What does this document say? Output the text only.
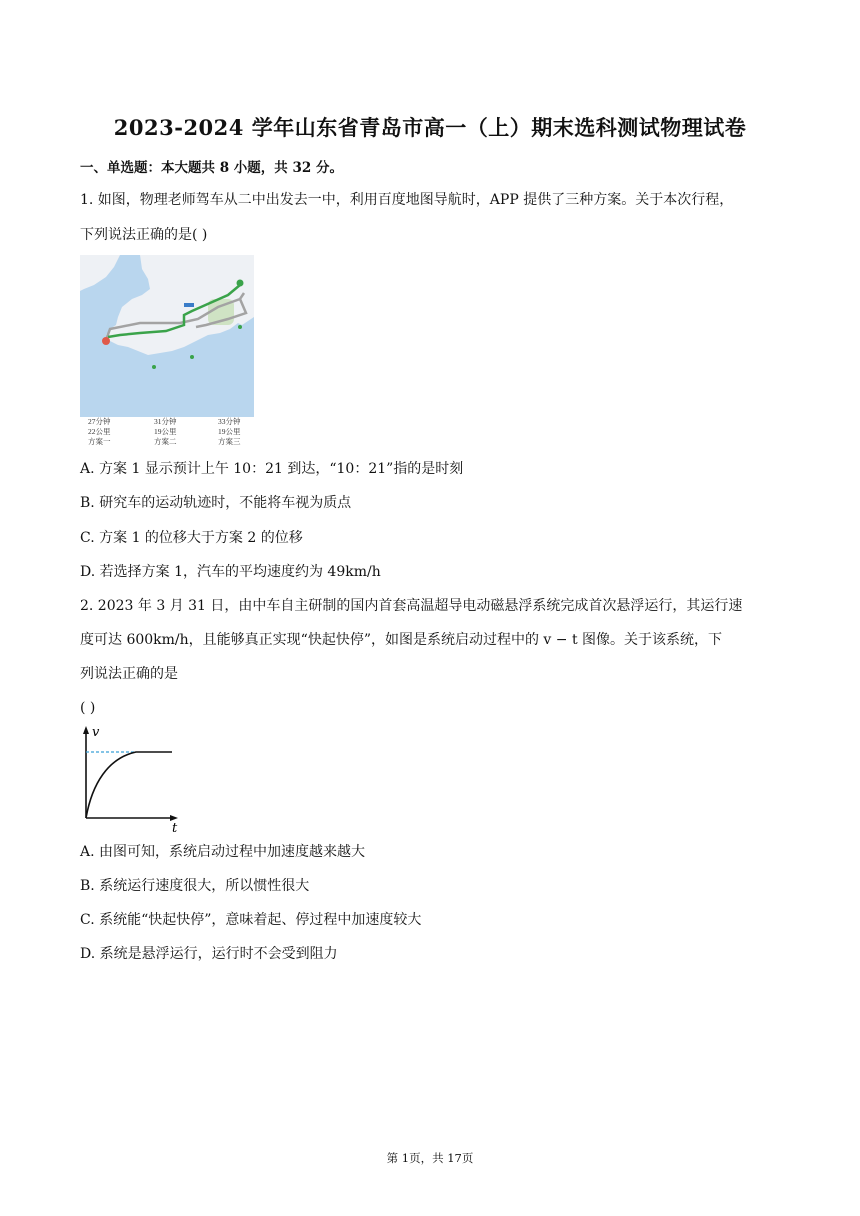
2023-2024 学年山东省青岛市高一（上）期末选科测试物理试卷
一、单选题：本大题共 8 小题，共 32 分。
1. 如图，物理老师驾车从二中出发去一中，利用百度地图导航时，APP 提供了三种方案。关于本次行程，
下列说法正确的是( )
27分钟
22公里
方案一
31分钟
19公里
方案二
33分钟
19公里
方案三
A. 方案 1 显示预计上午 10：21 到达，“10：21”指的是时刻
B. 研究车的运动轨迹时，不能将车视为质点
C. 方案 1 的位移大于方案 2 的位移
D. 若选择方案 1，汽车的平均速度约为 49km/h
2. 2023 年 3 月 31 日，由中车自主研制的国内首套高温超导电动磁悬浮系统完成首次悬浮运行，其运行速
度可达 600km/h，且能够真正实现“快起快停”，如图是系统启动过程中的 v − t 图像。关于该系统，下
列说法正确的是
( )
v
t
A. 由图可知，系统启动过程中加速度越来越大
B. 系统运行速度很大，所以惯性很大
C. 系统能“快起快停”，意味着起、停过程中加速度较大
D. 系统是悬浮运行，运行时不会受到阻力
第 1页，共 17页
